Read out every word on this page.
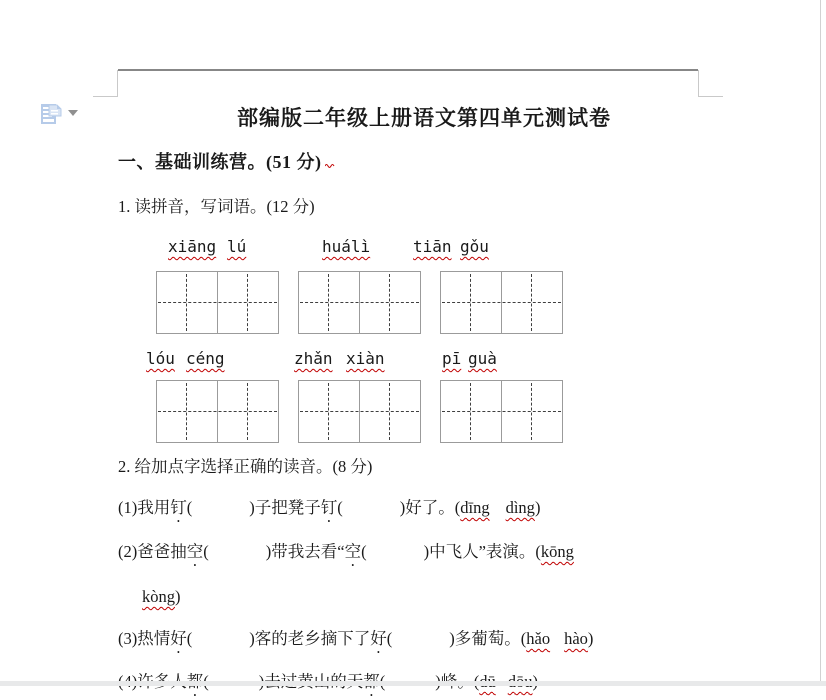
部编版二年级上册语文第四单元测试卷
一、基础训练营。(51 分)
1. 读拼音，写词语。(12 分)
xiāng lú	huálì	tiān gǒu
lóu céng	zhǎn xiàn	pī guà
2. 给加点字选择正确的读音。(8 分)
(1)我用钉(	)子把凳子钉(	)好了。(dīng dìng)
(2)爸爸抽空(	)带我去看“空(	)中飞人”表演。(kōng
kòng)
(3)热情好(	)客的老乡摘下了好(	)多葡萄。(hǎo hào)
